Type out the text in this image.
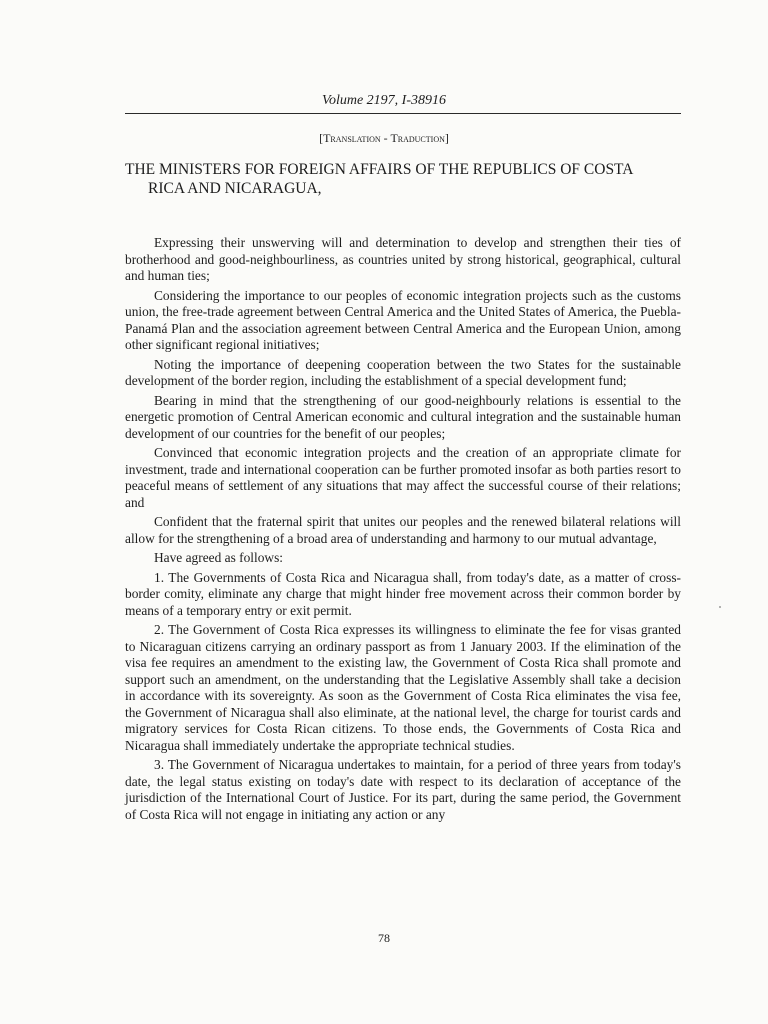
Volume 2197, I-38916
[Translation - Traduction]
THE MINISTERS FOR FOREIGN AFFAIRS OF THE REPUBLICS OF COSTA
RICA AND NICARAGUA,

Expressing their unswerving will and determination to develop and strengthen their ties of brotherhood and good-neighbourliness, as countries united by strong historical, geographical, cultural and human ties;

Considering the importance to our peoples of economic integration projects such as the customs union, the free-trade agreement between Central America and the United States of America, the Puebla-Panamá Plan and the association agreement between Central America and the European Union, among other significant regional initiatives;

Noting the importance of deepening cooperation between the two States for the sustainable development of the border region, including the establishment of a special development fund;

Bearing in mind that the strengthening of our good-neighbourly relations is essential to the energetic promotion of Central American economic and cultural integration and the sustainable human development of our countries for the benefit of our peoples;

Convinced that economic integration projects and the creation of an appropriate climate for investment, trade and international cooperation can be further promoted insofar as both parties resort to peaceful means of settlement of any situations that may affect the successful course of their relations; and

Confident that the fraternal spirit that unites our peoples and the renewed bilateral relations will allow for the strengthening of a broad area of understanding and harmony to our mutual advantage,

Have agreed as follows:

1. The Governments of Costa Rica and Nicaragua shall, from today's date, as a matter of cross-border comity, eliminate any charge that might hinder free movement across their common border by means of a temporary entry or exit permit.

2. The Government of Costa Rica expresses its willingness to eliminate the fee for visas granted to Nicaraguan citizens carrying an ordinary passport as from 1 January 2003. If the elimination of the visa fee requires an amendment to the existing law, the Government of Costa Rica shall promote and support such an amendment, on the understanding that the Legislative Assembly shall take a decision in accordance with its sovereignty. As soon as the Government of Costa Rica eliminates the visa fee, the Government of Nicaragua shall also eliminate, at the national level, the charge for tourist cards and migratory services for Costa Rican citizens. To those ends, the Governments of Costa Rica and Nicaragua shall immediately undertake the appropriate technical studies.

3. The Government of Nicaragua undertakes to maintain, for a period of three years from today's date, the legal status existing on today's date with respect to its declaration of acceptance of the jurisdiction of the International Court of Justice. For its part, during the same period, the Government of Costa Rica will not engage in initiating any action or any

78
